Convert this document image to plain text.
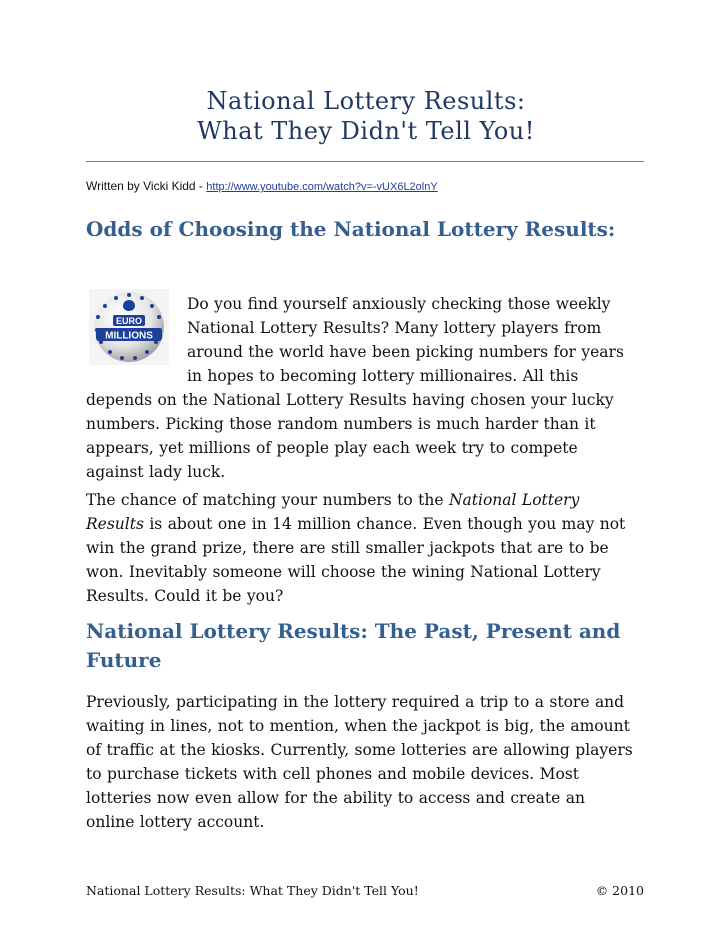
National Lottery Results:
What They Didn't Tell You!
Written by Vicki Kidd - http://www.youtube.com/watch?v=-vUX6L2olnY
Odds of Choosing the National Lottery Results:
EURO
MILLIONS
Do you find yourself anxiously checking those weekly
National Lottery Results? Many lottery players from
around the world have been picking numbers for years
in hopes to becoming lottery millionaires. All this
depends on the National Lottery Results having chosen your lucky
numbers. Picking those random numbers is much harder than it
appears, yet millions of people play each week try to compete
against lady luck.
The chance of matching your numbers to the National Lottery
Results is about one in 14 million chance. Even though you may not
win the grand prize, there are still smaller jackpots that are to be
won. Inevitably someone will choose the wining National Lottery
Results. Could it be you?
National Lottery Results: The Past, Present and
Future
Previously, participating in the lottery required a trip to a store and
waiting in lines, not to mention, when the jackpot is big, the amount
of traffic at the kiosks. Currently, some lotteries are allowing players
to purchase tickets with cell phones and mobile devices. Most
lotteries now even allow for the ability to access and create an
online lottery account.
National Lottery Results: What They Didn't Tell You!	© 2010
